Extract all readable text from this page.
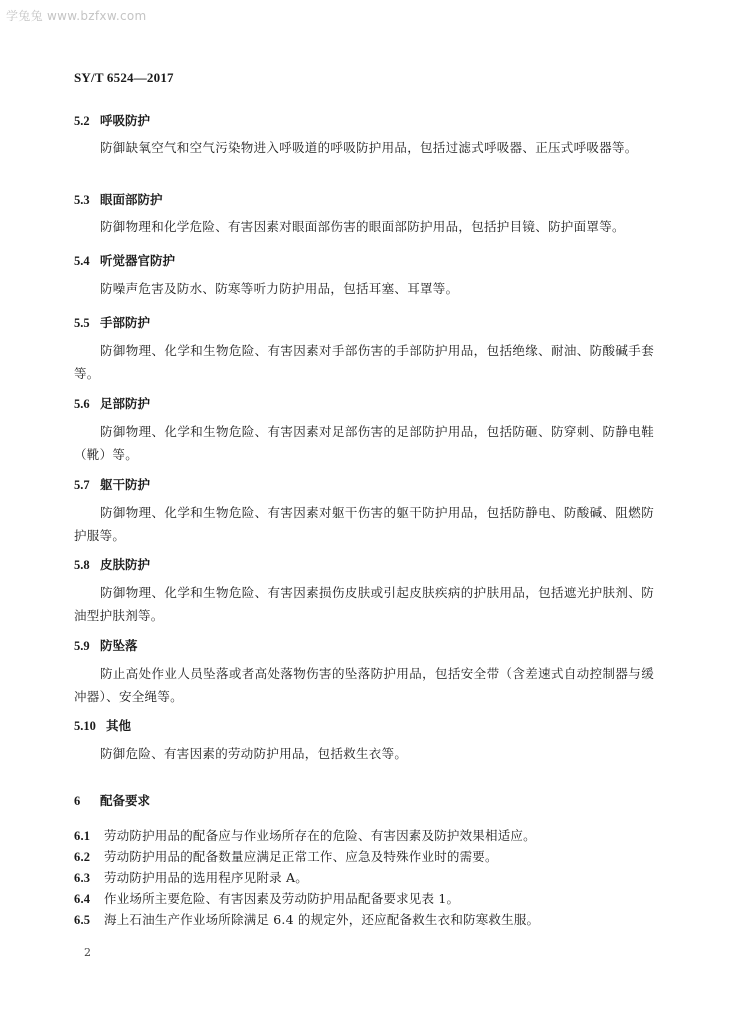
学兔兔 www.bzfxw.com
SY/T 6524—2017
5.2 呼吸防护
防御缺氧空气和空气污染物进入呼吸道的呼吸防护用品，包括过滤式呼吸器、正压式呼吸器等。
5.3 眼面部防护
防御物理和化学危险、有害因素对眼面部伤害的眼面部防护用品，包括护目镜、防护面罩等。
5.4 听觉器官防护
防噪声危害及防水、防寒等听力防护用品，包括耳塞、耳罩等。
5.5 手部防护
防御物理、化学和生物危险、有害因素对手部伤害的手部防护用品，包括绝缘、耐油、防酸碱手套等。
5.6 足部防护
防御物理、化学和生物危险、有害因素对足部伤害的足部防护用品，包括防砸、防穿刺、防静电鞋（靴）等。
5.7 躯干防护
防御物理、化学和生物危险、有害因素对躯干伤害的躯干防护用品，包括防静电、防酸碱、阻燃防护服等。
5.8 皮肤防护
防御物理、化学和生物危险、有害因素损伤皮肤或引起皮肤疾病的护肤用品，包括遮光护肤剂、防油型护肤剂等。
5.9 防坠落
防止高处作业人员坠落或者高处落物伤害的坠落防护用品，包括安全带（含差速式自动控制器与缓冲器）、安全绳等。
5.10 其他
防御危险、有害因素的劳动防护用品，包括救生衣等。
6 配备要求
6.1 劳动防护用品的配备应与作业场所存在的危险、有害因素及防护效果相适应。
6.2 劳动防护用品的配备数量应满足正常工作、应急及特殊作业时的需要。
6.3 劳动防护用品的选用程序见附录 A。
6.4 作业场所主要危险、有害因素及劳动防护用品配备要求见表 1。
6.5 海上石油生产作业场所除满足 6.4 的规定外，还应配备救生衣和防寒救生服。
2
